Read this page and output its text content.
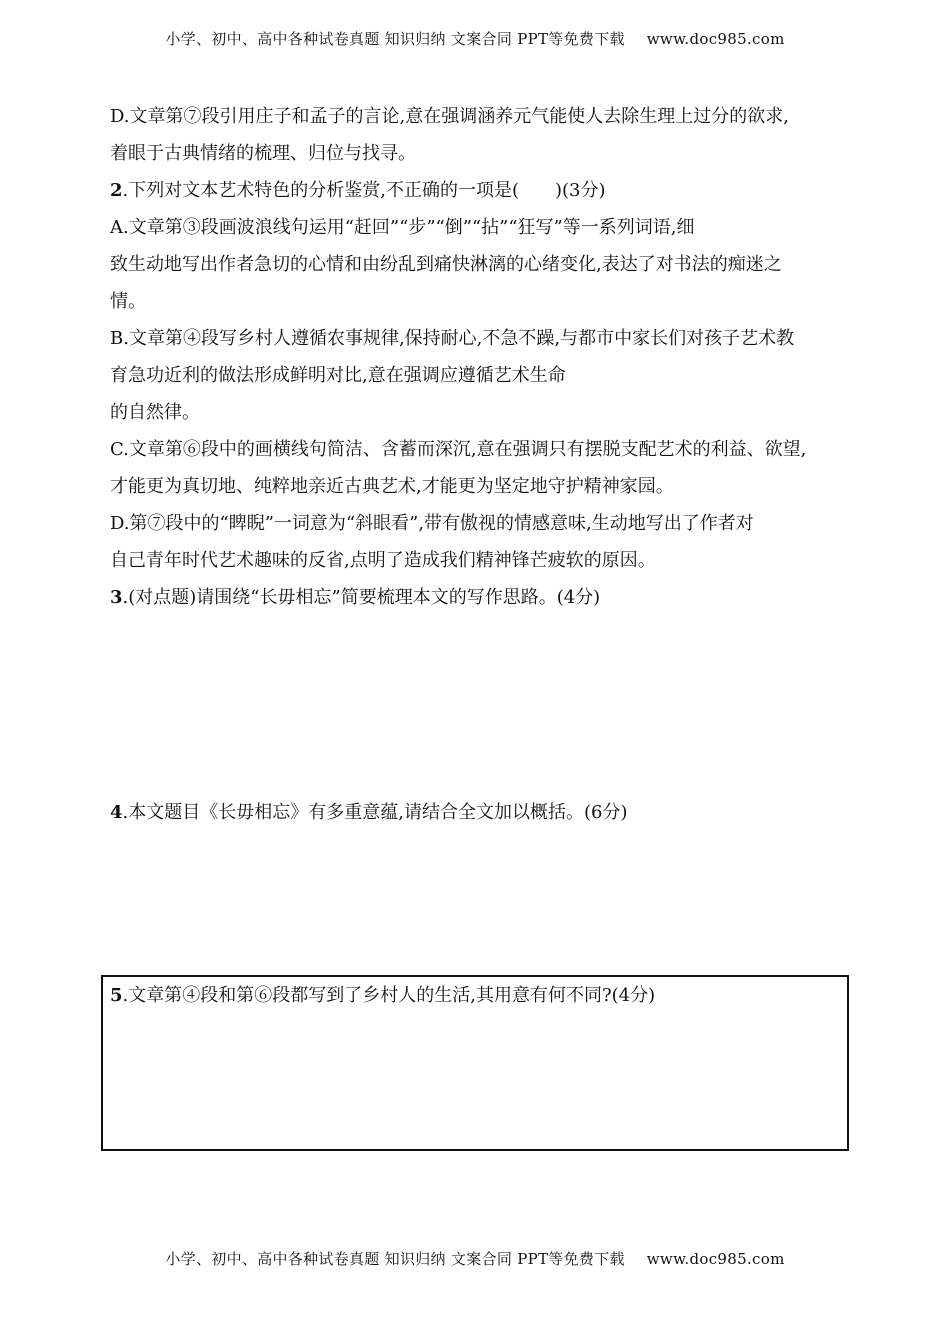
小学、初中、高中各种试卷真题 知识归纳 文案合同 PPT等免费下载 www.doc985.com
D.文章第⑦段引用庄子和孟子的言论,意在强调涵养元气能使人去除生理上过分的欲求,
着眼于古典情绪的梳理、归位与找寻。
2.下列对文本艺术特色的分析鉴赏,不正确的一项是(　　)(3分)
A.文章第③段画波浪线句运用“赶回”“步”“倒”“拈”“狂写”等一系列词语,细
致生动地写出作者急切的心情和由纷乱到痛快淋漓的心绪变化,表达了对书法的痴迷之
情。
B.文章第④段写乡村人遵循农事规律,保持耐心,不急不躁,与都市中家长们对孩子艺术教
育急功近利的做法形成鲜明对比,意在强调应遵循艺术生命
的自然律。
C.文章第⑥段中的画横线句简洁、含蓄而深沉,意在强调只有摆脱支配艺术的利益、欲望,
才能更为真切地、纯粹地亲近古典艺术,才能更为坚定地守护精神家园。
D.第⑦段中的“睥睨”一词意为“斜眼看”,带有傲视的情感意味,生动地写出了作者对
自己青年时代艺术趣味的反省,点明了造成我们精神锋芒疲软的原因。
3.(对点题)请围绕“长毋相忘”简要梳理本文的写作思路。(4分)
4.本文题目《长毋相忘》有多重意蕴,请结合全文加以概括。(6分)
5.文章第④段和第⑥段都写到了乡村人的生活,其用意有何不同?(4分)
小学、初中、高中各种试卷真题 知识归纳 文案合同 PPT等免费下载 www.doc985.com
